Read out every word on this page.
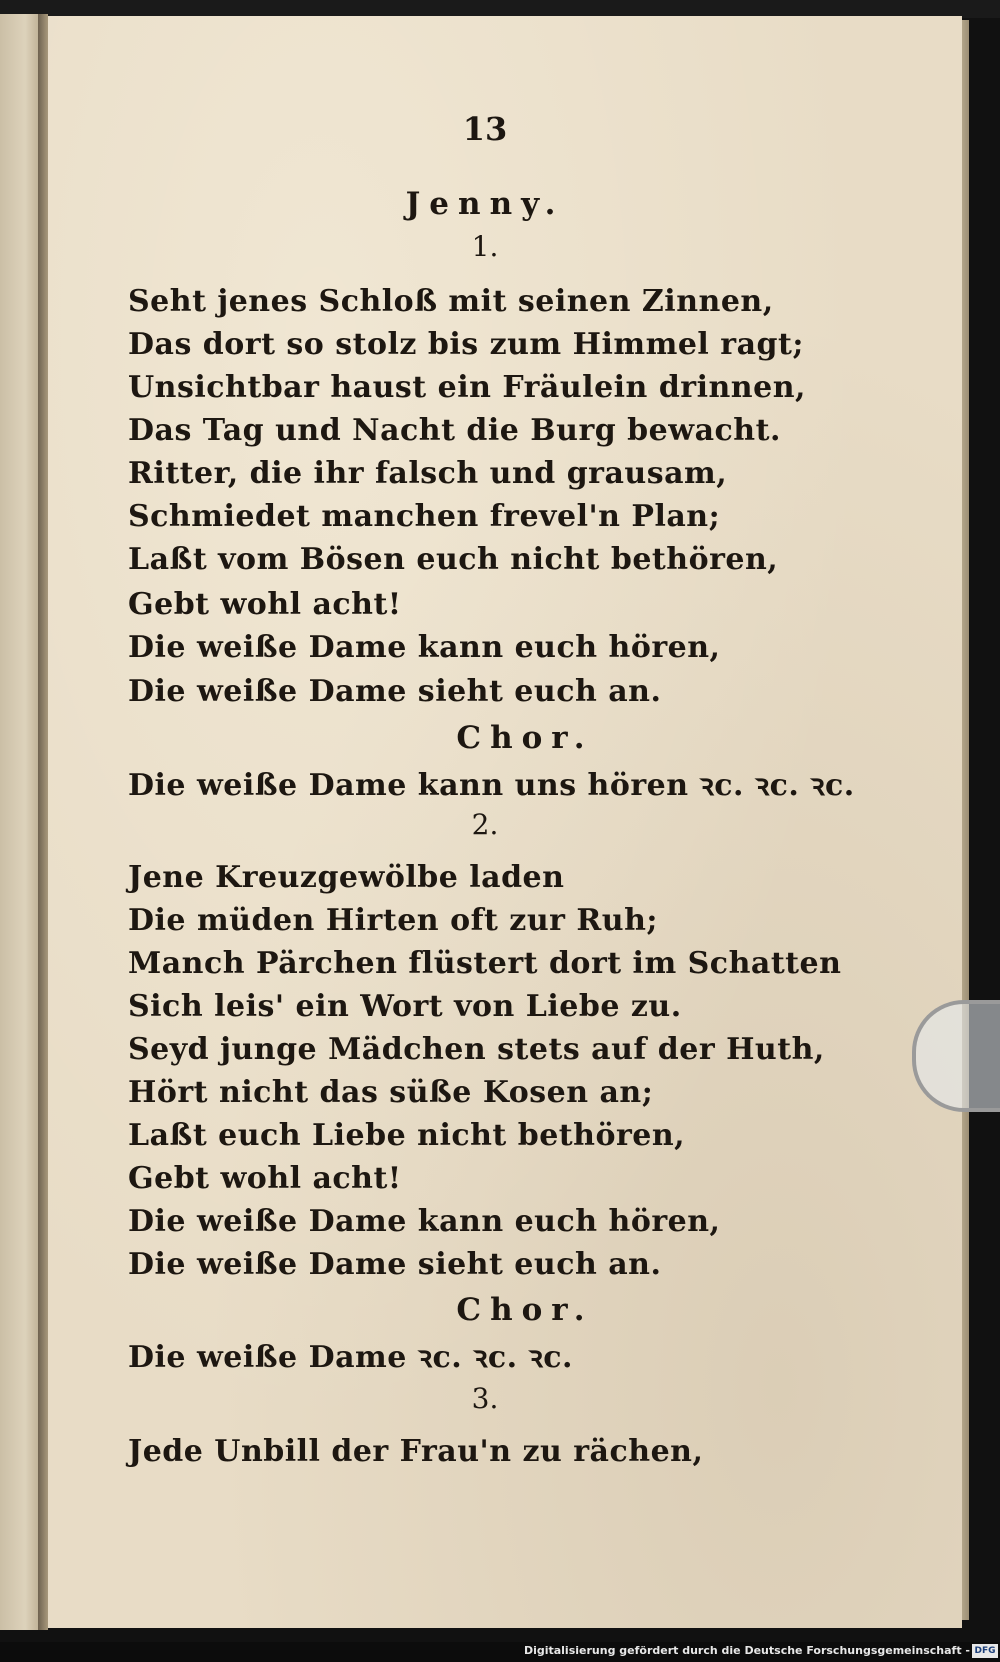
13
Jenny.
1.
Seht jenes Schloß mit seinen Zinnen,
Das dort so stolz bis zum Himmel ragt;
Unsichtbar haust ein Fräulein drinnen,
Das Tag und Nacht die Burg bewacht.
Ritter, die ihr falsch und grausam,
Schmiedet manchen frevel'n Plan;
Laßt vom Bösen euch nicht bethören,
Gebt wohl acht!
Die weiße Dame kann euch hören,
Die weiße Dame sieht euch an.
Chor.
Die weiße Dame kann uns hören ꝛc. ꝛc. ꝛc.
2.
Jene Kreuzgewölbe laden
Die müden Hirten oft zur Ruh;
Manch Pärchen flüstert dort im Schatten
Sich leis' ein Wort von Liebe zu.
Seyd junge Mädchen stets auf der Huth,
Hört nicht das süße Kosen an;
Laßt euch Liebe nicht bethören,
Gebt wohl acht!
Die weiße Dame kann euch hören,
Die weiße Dame sieht euch an.
Chor.
Die weiße Dame ꝛc. ꝛc. ꝛc.
3.
Jede Unbill der Frau'n zu rächen,
Digitalisierung gefördert durch die Deutsche Forschungsgemeinschaft - DFG
